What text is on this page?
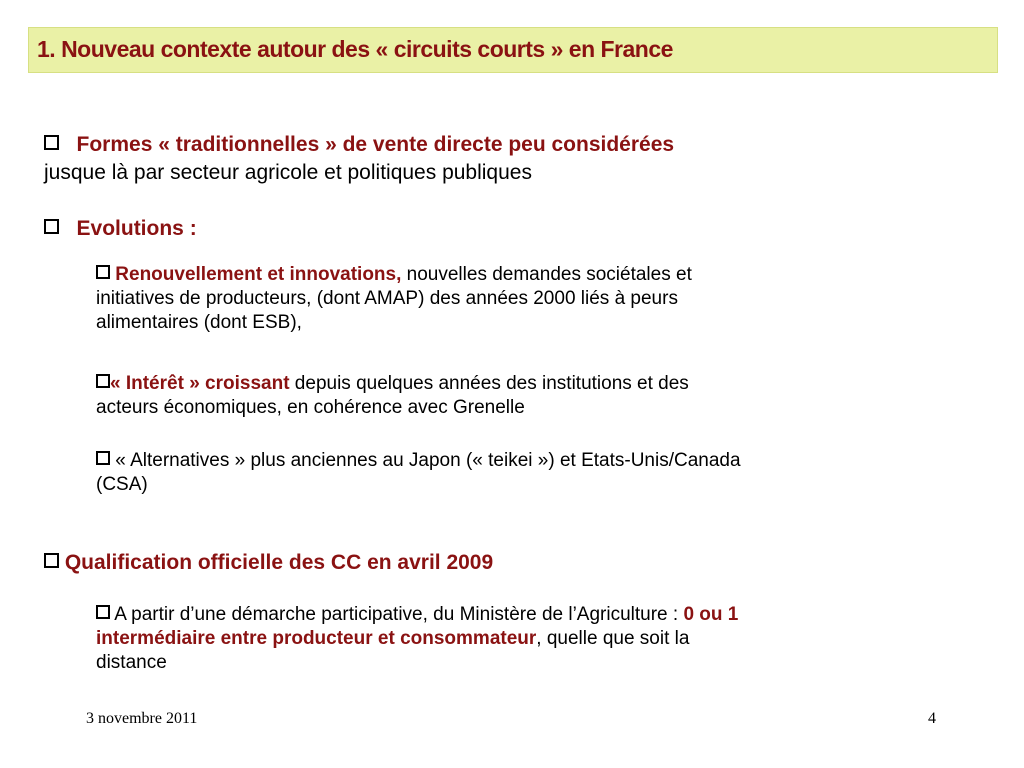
1. Nouveau contexte autour des « circuits courts » en France
Formes « traditionnelles » de vente directe peu considérées
jusque là par secteur agricole et politiques publiques
Evolutions :
Renouvellement et innovations, nouvelles demandes sociétales et
initiatives de producteurs, (dont AMAP) des années 2000 liés à peurs
alimentaires (dont ESB),
« Intérêt » croissant depuis quelques années des institutions et des
acteurs économiques, en cohérence avec Grenelle
« Alternatives » plus anciennes au Japon (« teikei ») et Etats-Unis/Canada
(CSA)
Qualification officielle des CC en avril 2009
A partir d’une démarche participative, du Ministère de l’Agriculture : 0 ou 1
intermédiaire entre producteur et consommateur, quelle que soit la
distance
3 novembre 2011	4
